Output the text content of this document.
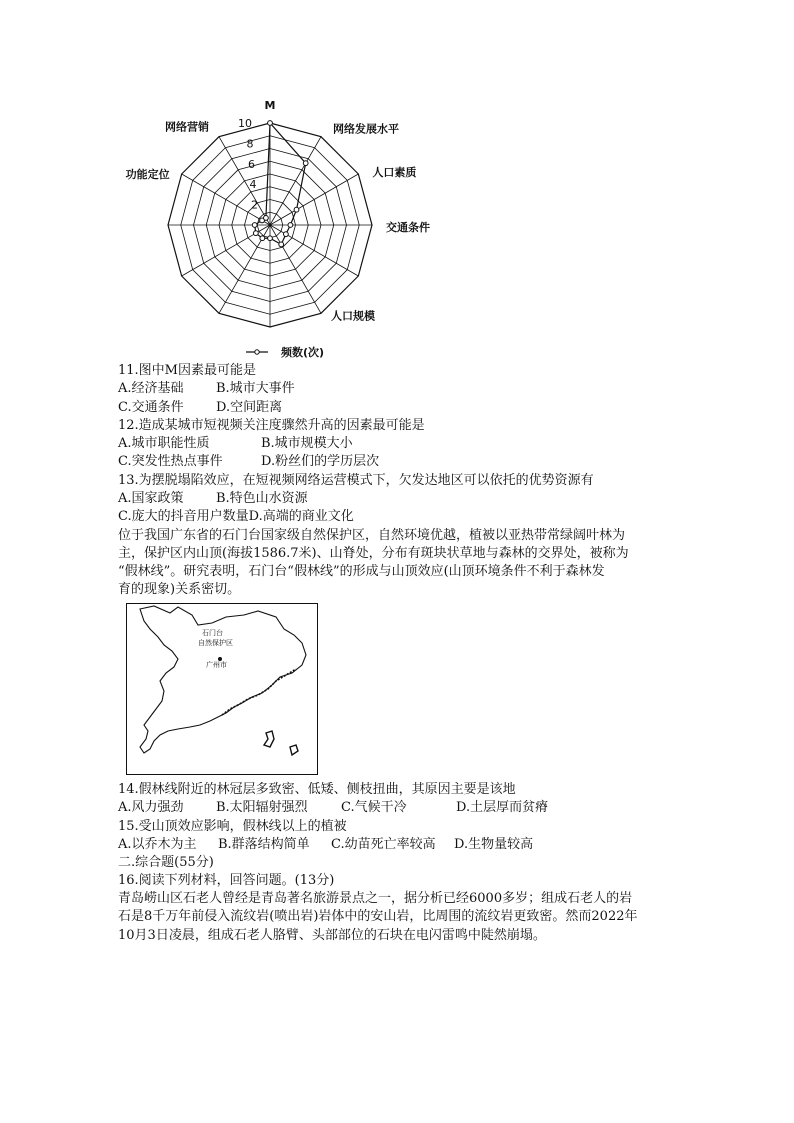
2
4
6
8
10
M
网络发展水平
人口素质
交通条件
人口规模
功能定位
网络营销
频数(次)
11.图中M因素最可能是
A.经济基础 B.城市大事件
C.交通条件 D.空间距离
12.造成某城市短视频关注度骤然升高的因素最可能是
A.城市职能性质	B.城市规模大小
C.突发性热点事件	D.粉丝们的学历层次
13.为摆脱塌陷效应，在短视频网络运营模式下，欠发达地区可以依托的优势资源有
A.国家政策 B.特色山水资源
C.庞大的抖音用户数量D.高端的商业文化
位于我国广东省的石门台国家级自然保护区，自然环境优越，植被以亚热带常绿阔叶林为
主，保护区内山顶(海拔1586.7米)、山脊处，分布有斑块状草地与森林的交界处，被称为
“假林线”。研究表明，石门台“假林线”的形成与山顶效应(山顶环境条件不利于森林发
育的现象)关系密切。
石门台
自然保护区
广州市
14.假林线附近的林冠层多致密、低矮、侧枝扭曲，其原因主要是该地
A.风力强劲 B.太阳辐射强烈	C.气候干冷	D.土层厚而贫瘠
15.受山顶效应影响，假林线以上的植被
A.以乔木为主 B.群落结构简单 C.幼苗死亡率较高 D.生物量较高
二.综合题(55分)
16.阅读下列材料，回答问题。(13分)
青岛崂山区石老人曾经是青岛著名旅游景点之一，据分析已经6000多岁；组成石老人的岩
石是8千万年前侵入流纹岩(喷出岩)岩体中的安山岩，比周围的流纹岩更致密。然而2022年
10月3日凌晨，组成石老人胳臂、头部部位的石块在电闪雷鸣中陡然崩塌。
